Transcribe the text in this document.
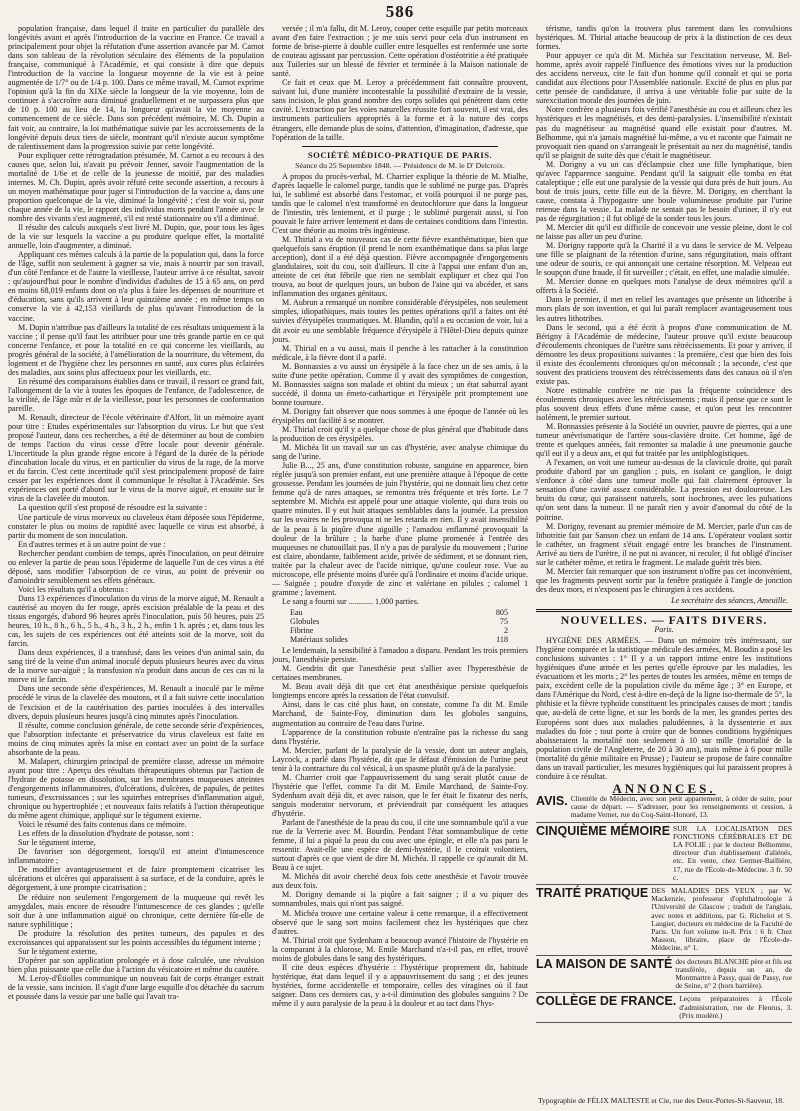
586

population française, dans lequel il traite en particulier du parallèle des longévités avant et après l'introduction de la vaccine en France. Ce travail a principalement pour objet la réfutation d'une assertion avancée par M. Carnot dans son tableau de la révolution séculaire des éléments de la population française, communiqué à l'Académie, et qui consiste à dire que depuis l'introduction de la vaccine la longueur moyenne de la vie est à peine augmentée de 1/7° ou de 1/4 p. 100. Dans ce même travail, M. Carnot exprime l'opinion qu'à la fin du XIXe siècle la longueur de la vie moyenne, loin de continuer à s'accroître aura diminué graduellement et ne surpassera plus que de 10 p. 100 au lieu de 14, la longueur qu'avait la vie moyenne au commencement de ce siècle. Dans son précédent mémoire, M. Ch. Dupin a fait voir, au contraire, la loi mathématique suivie par les accroissements de la longévité depuis deux tiers de siècle, montrant qu'il n'existe aucun symptôme de ralentissement dans la progression suivie par cette longévité.

Pour expliquer cette rétrogradation présumée, M. Carnot a eu recours à des causes que, selon lui, n'avait pu prévoir Jenner, savoir l'augmentation de la mortalité de 1/6e et de celle de la jeunesse de moitié, par des maladies internes. M. Ch. Dupin, après avoir réfuté cette seconde assertion, a recours à un moyen mathématique pour juger si l'introduction de la vaccine a, dans une proportion quelconque de la vie, diminué la longévité ; c'est de voir si, pour chaque année de la vie, le rapport des individus morts pendant l'année avec le nombre des vivants s'est augmenté, s'il est resté stationnaire ou s'il a diminué.

Il résulte des calculs auxquels s'est livré M. Dupin, que, pour tous les âges de la vie sur lesquels la vaccine a pu produire quelque effet, la mortalité annuelle, loin d'augmenter, a diminué.

Appliquant ces mêmes calculs à la partie de la population qui, dans la force de l'âge, suffit non seulement à gagner sa vie, mais à nourrir par son travail, d'un côté l'enfance et de l'autre la vieillesse, l'auteur arrive à ce résultat, savoir : qu'aujourd'hui pour le nombre d'individus d'adultes de 15 à 65 ans, on perd en moins 68,019 enfants dont on n'a plus à faire les dépenses de nourriture et d'éducation, sans qu'ils arrivent à leur quinzième année ; en même temps on conserve la vie à 42,153 vieillards de plus qu'avant l'introduction de la vaccine.

M. Dupin n'attribue pas d'ailleurs la totalité de ces résultats uniquement à la vaccine ; il pense qu'il faut les attribuer pour une très grande partie en ce qui concerne l'enfance, et pour la totalité en ce qui concerne les vieillards, au progrès général de la société, à l'amélioration de la nourriture, du vêtement, du logement et de l'hygiène chez les personnes en santé, aux cures plus éclairées des maladies, aux soins plus affectueux pour les vieillards, etc.

En résumé des comparaisons établies dans ce travail, il ressort ce grand fait, l'allongement de la vie à toutes les époques de l'enfance, de l'adolescence, de la virilité, de l'âge mûr et de la vieillesse, pour les personnes de conformation pareille.

M. Renault, directeur de l'école vétérinaire d'Alfort, lit un mémoire ayant pour titre : Etudes expérimentales sur l'absorption du virus. Le but que s'est proposé l'auteur, dans ces recherches, a été de déterminer au bout de combien de temps l'action du virus cesse d'être locale pour devenir générale. L'incertitude la plus grande règne encore à l'égard de la durée de la période d'incubation locale du virus, et en particulier du virus de la rage, de la morve et du farcin. C'est cette incertitude qu'il s'est principalement proposé de faire cesser par les expériences dont il communique le résultat à l'Académie. Ses expériences ont porté d'abord sur le virus de la morve aiguë, et ensuite sur le virus de la clavelée du mouton.

La question qu'il s'est proposé de résoudre est la suivante :

Une particule de virus morveux ou claveleux étant déposée sous l'épiderme, constater le plus ou moins de rapidité avec laquelle ce virus est absorbé, à partir du moment de son inoculation.

En d'autres termes et à un autre point de vue :

Rechercher pendant combien de temps, après l'inoculation, on peut détruire ou enlever la partie de peau sous l'épiderme de laquelle l'un de ces virus a été déposé, sans modifier l'absorption de ce virus, au point de prévenir ou d'amoindrir sensiblement ses effets généraux.

Voici les résultats qu'il a obtenus :

Dans 13 expériences d'inoculation du virus de la morve aiguë, M. Renault a cautérisé au moyen du fer rouge, après excision préalable de la peau et des tissus engorgés, d'abord 96 heures après l'inoculation, puis 50 heures, puis 25 heures, 10 h., 8 h., 6 h., 5 h., 4 h., 3 h., 2 h., enfin 1 h. après ; et, dans tous les cas, les sujets de ces expériences ont été atteints soit de la morve, soit du farcin.

Dans deux expériences, il a transfusé, dans les veines d'un animal sain, du sang tiré de la veine d'un animal inoculé depuis plusieurs heures avec du virus de la morve sur-aiguë ; la transfusion n'a produit dans aucun de ces cas ni la morve ni le farcin.

Dans une seconde série d'expériences, M. Renault a inoculé par le même procédé le virus de la clavelée des moutons, et il a fait suivre cette inoculation de l'excision et de la cautérisation des parties inoculées à des intervalles divers, depuis plusieurs heures jusqu'à cinq minutes après l'inoculation.

Il résulte, comme conclusion générale, de cette seconde série d'expériences, que l'absorption infectante et préservatrice du virus claveleux est faite en moins de cinq minutes après la mise en contact avec un point de la surface absorbante de la peau.

M. Malapert, chirurgien principal de première classe, adresse un mémoire ayant pour titre : Aperçu des résultats thérapeutiques obtenus par l'action de l'hydrate de potasse en dissolution, sur les membranes muqueuses atteintes d'engorgements inflammatoires, d'ulcérations, d'ulcères, de papules, de petites tumeurs, d'excroissances ; sur les squirrhes entreprises d'inflammation aiguë, chronique ou hypertrophiée ; et nouveaux faits relatifs à l'action thérapeutique du même agent chimique, appliqué sur le tégument externe.

Voici le résumé des faits contenus dans ce mémoire.

Les effets de la dissolution d'hydrate de potasse, sont :

Sur le tégument interne,

De favoriser son dégorgement, lorsqu'il est atteint d'intumescence inflammatoire ;

De modifier avantageusement et de faire promptement cicatriser les ulcérations et ulcères qui apparaissent à sa surface, et de la conduire, après le dégorgement, à une prompte cicatrisation ;

De réduire non seulement l'engorgement de la muqueuse qui revêt les amygdales, mais encore de résoudre l'intumescence de ces glandes ; qu'elle soit due à une inflammation aiguë ou chronique, cette dernière fût-elle de nature syphilitique ;

De produire la résolution des petites tumeurs, des papules et des excroissances qui apparaissent sur les points accessibles du tégument interne ;

Sur le tégument externe,

D'opérer par son application prolongée et à dose calculée, une révulsion bien plus puissante que celle due à l'action du vésicatoire et même du cautère.

M. Leroy-d'Étiolles communique un nouveau fait de corps étranger extrait de la vessie, sans incision. Il s'agit d'une large esquille d'os détachée du sacrum et poussée dans la vessie par une balle qui l'avait tra-

versée ; il m'a fallu, dit M. Leroy, couper cette esquille par petits morceaux avant d'en faire l'extraction ; je me suis servi pour cela d'un instrument en forme de brise-pierre à double cuiller entre lesquelles est renfermée une sorte de couteau agissant par percussion. Cette opération d'ostéotritie a été pratiquée aux Tuileries sur un blessé de février et terminée à la Maison nationale de santé.

Ce fait et ceux que M. Leroy a précédemment fait connaître prouvent, suivant lui, d'une manière incontestable la possibilité d'extraire de la vessie, sans incision, le plus grand nombre des corps solides qui pénètrent dans cette cavité. L'extraction par les voies naturelles réussite fort souvent, il est vrai, des instruments particuliers appropriés à la forme et à la nature des corps étrangers, elle demande plus de soins, d'attention, d'imagination, d'adresse, que l'opération de la taille.

SOCIÉTÉ MÉDICO-PRATIQUE DE PARIS.
Séance du 25 Septembre 1848. — Présidence de M. le D' Delcroix.

A propos du procès-verbal, M. Charrier explique la théorie de M. Mialhe, d'après laquelle le calomel purge, tandis que le sublimé ne purge pas. D'après lui, le sublimé est absorbé dans l'estomac, et voilà pourquoi il ne purge pas, tandis que le calomel n'est transformé en deutochlorure que dans la longueur de l'intestin, très lentement, et il purge ; le sublimé purgerait aussi, si l'on pouvait le faire arriver lentement et dans de certaines conditions dans l'intestin. C'est une théorie au moins très ingénieuse.

M. Thirial a vu de nouveaux cas de cette fièvre exanthématique, bien que quelquefois sans éruption (il prend le nom exanthématique dans sa plus large acception), dont il a été déjà question. Fièvre accompagnée d'engorgements glandulaires, soit du cou, soit d'ailleurs. Il cite à l'appui une enfant d'un an, atteinte de cet état fébrile que rien ne semblait expliquer et chez qui l'on trouva, au bout de quelques jours, un bubon de l'aine qui va abcéder, et sans inflammation des organes génitaux.

M. Aubrun a remarqué un nombre considérable d'érysipèles, non seulement simples, idiopathiques, mais toutes les petites opérations qu'il a faites ont été suivies d'érysipèles traumatiques. M. Blandin, qu'il a eu occasion de voir, lui a dit avoir eu une semblable fréquence d'érysipèle à l'Hôtel-Dieu depuis quinze jours.

M. Thirial en a vu aussi, mais il penche à les rattacher à la constitution médicale, à la fièvre dont il a parlé.

M. Bonnassies a vu aussi un érysipèle à la face chez un de ses amis, à la suite d'une petite opération. Comme il y avait des symptômes de congestion, M. Bonnassies saigna son malade et obtint du mieux ; un état saburral ayant succédé, il donna un émeto-cathartique et l'érysipèle prit promptement une bonne tournure.

M. Dorigny fait observer que nous sommes à une époque de l'année où les érysipèles ont facilité à se montrer.

M. Thirial croit qu'il y a quelque chose de plus général que d'habitude dans la production de ces érysipèles.

M. Michéa lit un travail sur un cas d'hystérie, avec analyse chimique du sang de l'urine.

Julie B..., 25 ans, d'une constitution robuste, sanguine en apparence, bien réglée jusqu'à son premier enfant, eut une première attaque à l'époque de cette grossesse. Pendant les journées de juin l'hystérie, qui ne donnait lieu chez cette femme qu'à de rares attaques, se remontra très fréquente et très forte. Le 7 septembre M. Michéa est appelé pour une attaque violente, qui dura trois ou quatre minutes. Il y eut huit attaques semblables dans la journée. La pression sur les ovaires ne les provoqua ni ne les retarda en rien. Il y avait insensibilité de la peau à la piqûre d'une aiguille ; l'amadou enflammé provoquait la douleur de la brûlure ; la barbe d'une plume promenée à l'entrée des muqueuses ne chatouillait pas. Il n'y a pas de paralysie du mouvement ; l'urine est claire, abondante, faiblement acide, privée de sédiment, et se donnant rien, traitée par la chaleur avec de l'acide nitrique, qu'une couleur rose. Vue au microscope, elle présente moins d'urée qu'à l'ordinaire et moins d'acide urique. — Saignée ; poudre d'oxyde de zinc et valériane en pilules ; calomel 1 gramme ; lavement.

Le sang a fourni sur ............ 1,000 parties.

Eau	805
Globules	75
Fibrine	2
Matériaux solides	118

Le lendemain, la sensibilité à l'amadou a disparu. Pendant les trois premiers jours, l'anesthésie persiste.

M. Gendrin dit que l'anesthésie peut s'allier avec l'hyperesthésie de certaines membranes.

M. Beau avait déjà dit que cet état anesthésique persiste quelquefois longtemps encore après la cessation de l'état convulsif.

Ainsi, dans le cas cité plus haut, on constate, comme l'a dit M. Emile Marchand, de Sainte-Foy, diminution dans les globules sanguins, augmentation au contraire de l'eau dans l'urine.

L'apparence de la constitution robuste n'entraîne pas la richesse du sang dans l'hystérie.

M. Mercier, parlant de la paralysie de la vessie, dont un auteur anglais, Laycock, a parlé dans l'hystérie, dit que le défaut d'émission de l'urine peut tenir à la contracture du col vésical, à un spasme plutôt qu'à de la paralysie.

M. Charrier croit que l'appauvrissement du sang serait plutôt cause de l'hystérie que l'effet, comme l'a dit M. Emile Marchand, de Sainte-Foy. Sydenham avait déjà dit, et avec raison, que le fer était le fixateur des nerfs, sanguis moderator nervorum, et préviendrait par conséquent les attaques d'hystérie.

Parlant de l'anesthésie de la peau du cou, il cite une somnambule qu'il a vue rue de la Verrerie avec M. Bourdin. Pendant l'état somnambulique de cette femme, il lui a piqué la peau du cou avec une épingle, et elle n'a pas paru le ressentir. Avait-elle une espèce de demi-hystérie, il le croirait volontiers, surtout d'après ce que vient de dire M. Michéa. Il rappelle ce qu'aurait dit M. Beau à ce sujet.

M. Michéa dit avoir cherché deux fois cette anesthésie et l'avoir trouvée aux deux fois.

M. Dorigny demande si la piqûre a fait saigner ; il a vu piquer des somnambules, mais qui n'ont pas saigné.

M. Michéa trouve une certaine valeur à cette remarque, il a effectivement observé que le sang sort moins facilement chez les hystériques que chez d'autres.

M. Thirial croit que Sydenham a beaucoup avancé l'histoire de l'hystérie en la comparant à la chlorose, M. Emile Marchand n'a-t-il pas, en effet, trouvé moins de globules dans le sang des hystériques.

Il cite deux espèces d'hystérie : l'hystérique proprement dit, habitude hystérique, état dans lequel il y a appauvrissement du sang ; et des jeunes hystéries, forme accidentelle et temporaire, celles des viragines où il faut saigner. Dans ces derniers cas, y a-t-il diminution des globules sanguins ? De même il y aura paralysie de la peau à la douleur et au tact dans l'hys-

térisme, tandis qu'on la trouvera plus rarement dans les convulsions hystériques. M. Thirial attache beaucoup de prix à la distinction de ces deux formes.

Pour appuyer ce qu'a dit M. Michéa sur l'excitation nerveuse, M. Bel-homme, après avoir rappelé l'influence des émotions vives sur la production des accidens nerveux, cite le fait d'un homme qu'il connaît et qui se porta candidat aux élections pour l'Assemblée nationale. Excité de plus en plus par cette pensée de candidature, il arriva à une véritable folie par suite de la surexcitation morale des journées de juin.

Notre confrère a plusieurs fois vérifié l'anesthésie au cou et ailleurs chez les hystériques et les magnétisés, et des demi-paralysies. L'insensibilité n'existait pas du magnétiseur au magnétisé quand elle existait pour d'autres. M. Belhomme, qui n'a jamais magnétisé lui-même, a vu et raconte que l'aimait ne provoquait rien quand on s'arrangeait le présentait au nez du magnétisé, tandis qu'il se plaignit de suite dès que c'était le magnétiseur.

M. Dorigny a vu un cas d'éclampsie chez une fille lymphatique, bien qu'avec l'apparence sanguine. Pendant qu'il la saignait elle tomba en état cataleptique ; elle eut une paralysie de la vessie qui dura près de huit jours. Au bout de trois jours, cette fille eut de la fièvre. M. Dorigny, en cherchant la cause, constata à l'hypogastre une boule volumineuse produite par l'urine retenue dans la vessie. La malade ne sentait pas le besoin d'uriner, il n'y eut pas de régurgitation ; il fut obligé de la sonder tous les jours.

M. Mercier dit qu'il est difficile de concevoir une vessie pleine, dont le col ne laisse pas aller un peu d'urine.

M. Dorigny rapporte qu'à la Charité il a vu dans le service de M. Velpeau une fille se plaignant de la rétention d'urine, sans régurgitation, mais offrant une odeur de souris, ce qui annonçait une certaine résorption. M. Velpeau eut le soupçon d'une fraude, il fit surveiller ; c'était, en effet, une maladie simulée.

M. Mercier donne en quelques mots l'analyse de deux mémoires qu'il a offerts à la Société.

Dans le premier, il met en relief les avantages que présente un lithotribe à mors plats de son invention, et qui lui paraît remplacer avantageusement tous les autres lithotribes.

Dans le second, qui a été écrit à propos d'une communication de M. Bérigny à l'Académie de médecine, l'auteur prouve qu'il existe beaucoup d'écoulements chroniques de l'urètre sans rétrécissements. Et pour y arriver, il démontre les deux propositions suivantes : la première, c'est que bien des fois il existe des écoulements chroniques qu'on méconnaît ; la seconde, c'est que souvent des praticiens trouvent des rétrécissements dans des canaux où il n'en existe pas.

Notre estimable confrère ne nie pas la fréquente coïncidence des écoulements chroniques avec les rétrécissements ; mais il pense que ce sont le plus souvent deux effets d'une même cause, et qu'on peut les rencontrer isolément, le premier surtout.

M. Bonnassies présente à la Société un ouvrier, pauvre de pierres, qui a une tumeur anévrismatique de l'artère sous-clavière droite. Cet homme, âgé de trente et quelques années, fait remonter sa maladie à une pneumonie gauche qu'il eut il y a deux ans, et qui fut traitée par les antiphlogistiques.

A l'examen, on voit une tumeur au-dessus de la clavicule droite, qui paraît produite d'abord par un ganglion ; puis, en isolant ce ganglion, le doigt s'enfonce à côté dans une tumeur molle qui fait clairement éprouver la sensation d'une cavité assez considérable. La pression est douloureuse. Les bruits du cœur, qui paraissent naturels, sont isochrones, avec les pulsations qu'on sent dans la tumeur. Il ne paraît rien y avoir d'anormal du côté de la poitrine.

M. Dorigny, revenant au premier mémoire de M. Mercier, parle d'un cas de lithotritie fait par Sanson chez un enfant de 14 ans. L'opérateur voulant sortir le cathéter, un fragment s'était engagé entre les branches de l'instrument. Arrivé au tiers de l'urètre, il ne put ni avancer, ni reculer, il fut obligé d'inciser sur le cathéter même, et retira le fragment. Le malade guérit très bien.

M. Mercier fait remarquer que son instrument n'offre pas cet inconvénient, que les fragments peuvent sortir par la fenêtre pratiquée à l'angle de jonction des deux mors, et n'exposent pas le chirurgien à ces accidens.

Le secrétaire des séances, Ameuille.
NOUVELLES. — FAITS DIVERS.
Paris.

HYGIÈNE DES ARMÉES. — Dans un mémoire très intéressant, sur l'hygiène comparée et la statistique médicale des armées, M. Boudin a posé les conclusions suivantes : 1° Il y a un rapport intime entre les institutions hygiéniques d'une armée et les pertes qu'elle éprouve par les maladies, les évacuations et les morts ; 2° les pertes de toutes les armées, même en temps de paix, excèdent celle de la population civile du même âge ; 3° en Europe, et dans l'Amérique du Nord, c'est à-dire en-deçà de la ligne iso-thermale de 5°, la phthisie et la fièvre typhoïde constituent les principales causes de mort ; tandis que, au-delà de cette ligne, et sur les bords de la mer, les grandes pertes des Européens sont dues aux maladies paludéennes, à la dyssenterie et aux maladies du foie ; tout porte à croire que de bonnes conditions hygiéniques abaisseraient la mortalité non seulement à 10 sur mille (mortalité de la population civile de l'Angleterre, de 20 à 30 ans), mais même à 6 pour mille (mortalité du génie militaire en Prusse) ; l'auteur se propose de faire connaître dans un travail particulier, les mesures hygiéniques qui lui paraissent propres à conduire à ce résultat.

ANNONCES.
AVIS. Clientèle de Médecin, avec son petit appartement, à céder de suite, pour cause de départ. — S'adresser, pour les renseignements et cession, à madame Vernet, rue du Coq-Saint-Honoré, 13.
CINQUIÈME MÉMOIRE SUR LA LOCALISATION DES FONCTIONS CÉRÉBRALES ET DE LA FOLIE ; par le docteur Belhomme, directeur d'un établissement d'aliénés, etc. En vente, chez Germer-Baillière, 17, rue de l'École-de-Médecine. 3 fr. 50 c.
TRAITÉ PRATIQUE DES MALADIES DES YEUX ; par W. Mackenzie, professeur d'ophthalmologie à l'Université de Glascow ; traduit de l'anglais, avec notes et additions, par G. Richelot et S. Laugier, docteurs en médecine de la Faculté de Paris. Un fort volume in-8. Prix : 6 fr. Chez Masson, libraire, place de l'École-de-Médecine, n° 1.
LA MAISON DE SANTÉ des docteurs BLANCHE père et fils est transférée, depuis un an, de Montmartre à Passy, quai de Passy, rue de Seine, n° 2 (hors barrière).
COLLÈGE DE FRANCE. Leçons préparatoires à l'École d'administration, rue de Fleurus, 3. (Prix modéré.)
Typographie de FÉLIX MALTESTE et Cie, rue des Deux-Portes-St-Sauveur, 18.
